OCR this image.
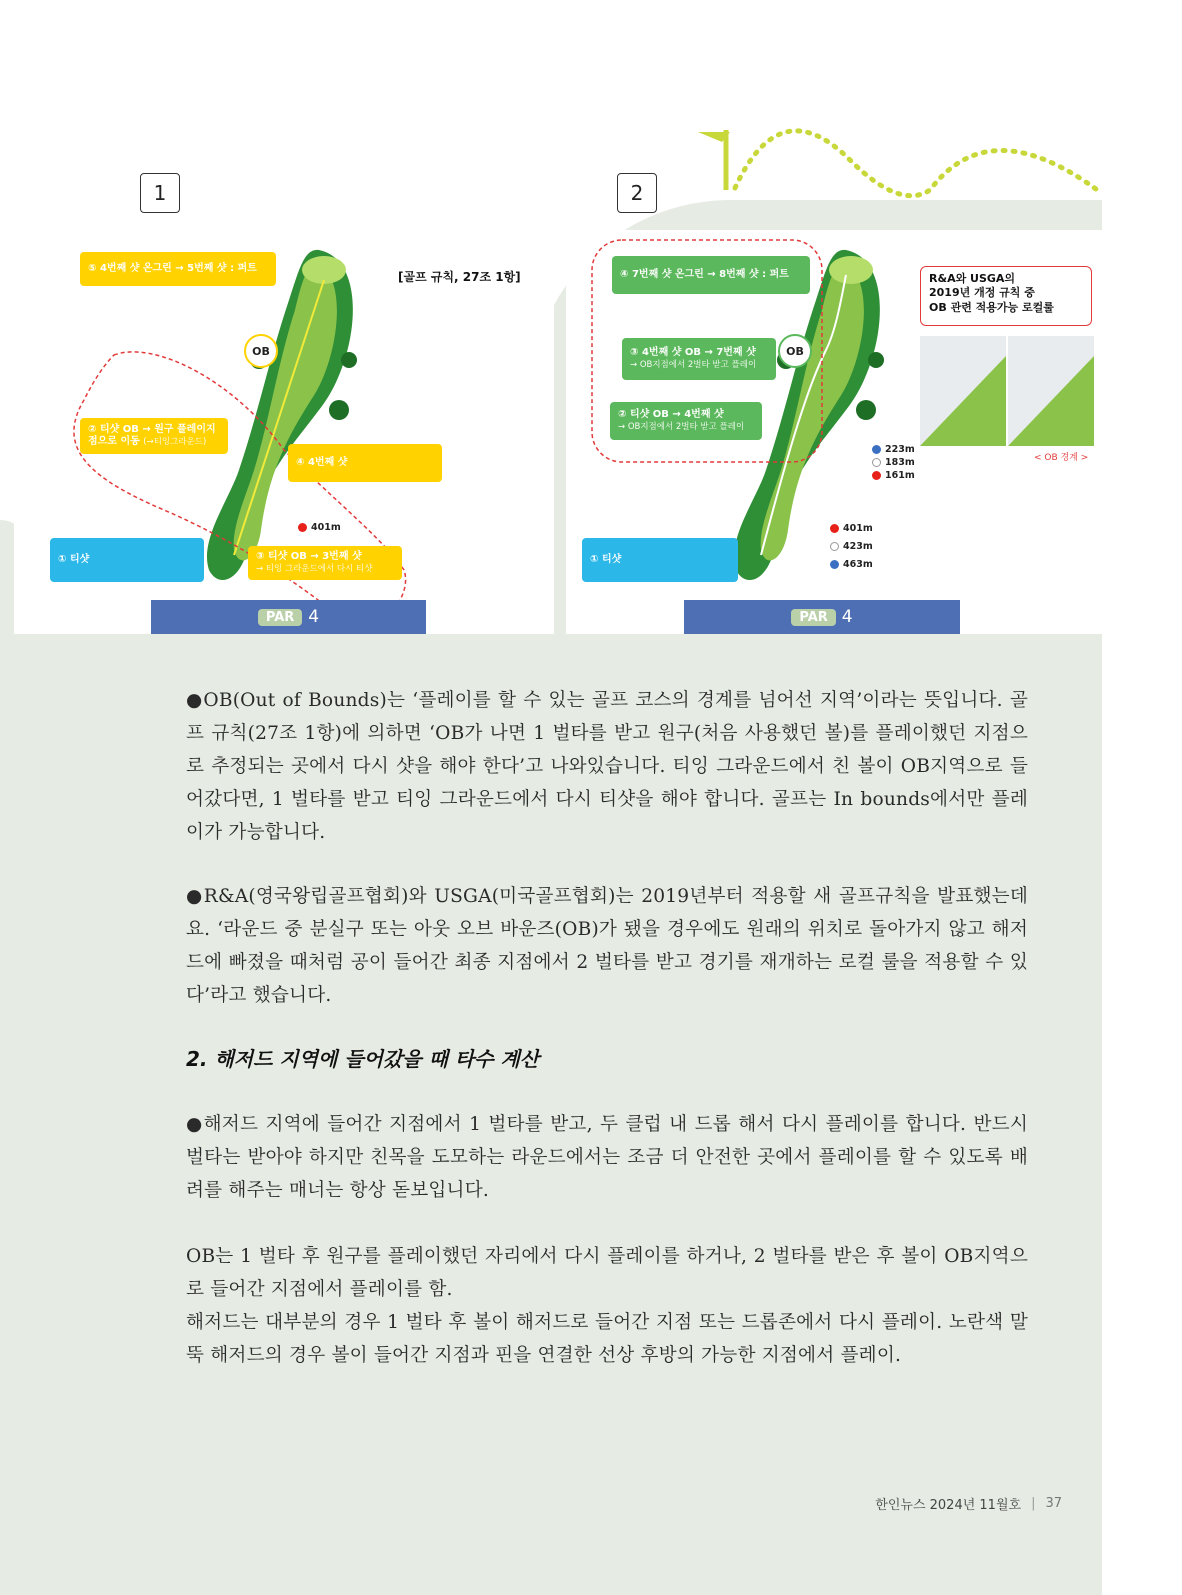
1	2
⑤ 4번째 샷 온그린 → 5번째 샷 : 퍼트
[골프 규칙, 27조 1항]
OB
② 티샷 OB → 원구 플레이지
점으로 이동 (→티잉그라운드)
④ 4번째 샷
401m
① 티샷	③ 티샷 OB → 3번째 샷
→ 티잉 그라운드에서 다시 티샷
PAR 4
④ 7번째 샷 온그린 → 8번째 샷 : 퍼트
③ 4번째 샷 OB → 7번째 샷
→ OB지점에서 2벌타 받고 플레이
OB
② 티샷 OB → 4번째 샷
→ OB지점에서 2벌타 받고 플레이
R&A와 USGA의
2019년 개정 규칙 중
OB 관련 적용가능 로컬룰
< OB 경계 >
223m
183m
161m
401m
423m
463m
① 티샷
PAR 4

●OB(Out of Bounds)는 ‘플레이를 할 수 있는 골프 코스의 경계를 넘어선 지역’이라는 뜻입니다. 골프 규칙(27조 1항)에 의하면 ‘OB가 나면 1 벌타를 받고 원구(처음 사용했던 볼)를 플레이했던 지점으로 추정되는 곳에서 다시 샷을 해야 한다’고 나와있습니다. 티잉 그라운드에서 친 볼이 OB지역으로 들어갔다면, 1 벌타를 받고 티잉 그라운드에서 다시 티샷을 해야 합니다. 골프는 In bounds에서만 플레이가 가능합니다.

●R&A(영국왕립골프협회)와 USGA(미국골프협회)는 2019년부터 적용할 새 골프규칙을 발표했는데요. ‘라운드 중 분실구 또는 아웃 오브 바운즈(OB)가 됐을 경우에도 원래의 위치로 돌아가지 않고 해저드에 빠졌을 때처럼 공이 들어간 최종 지점에서 2 벌타를 받고 경기를 재개하는 로컬 룰을 적용할 수 있다’라고 했습니다.

2. 해저드 지역에 들어갔을 때 타수 계산

●해저드 지역에 들어간 지점에서 1 벌타를 받고, 두 클럽 내 드롭 해서 다시 플레이를 합니다. 반드시 벌타는 받아야 하지만 친목을 도모하는 라운드에서는 조금 더 안전한 곳에서 플레이를 할 수 있도록 배려를 해주는 매너는 항상 돋보입니다.

OB는 1 벌타 후 원구를 플레이했던 자리에서 다시 플레이를 하거나, 2 벌타를 받은 후 볼이 OB지역으로 들어간 지점에서 플레이를 함.

해저드는 대부분의 경우 1 벌타 후 볼이 해저드로 들어간 지점 또는 드롭존에서 다시 플레이. 노란색 말뚝 해저드의 경우 볼이 들어간 지점과 핀을 연결한 선상 후방의 가능한 지점에서 플레이.

한인뉴스 2024년 11월호 | 37
